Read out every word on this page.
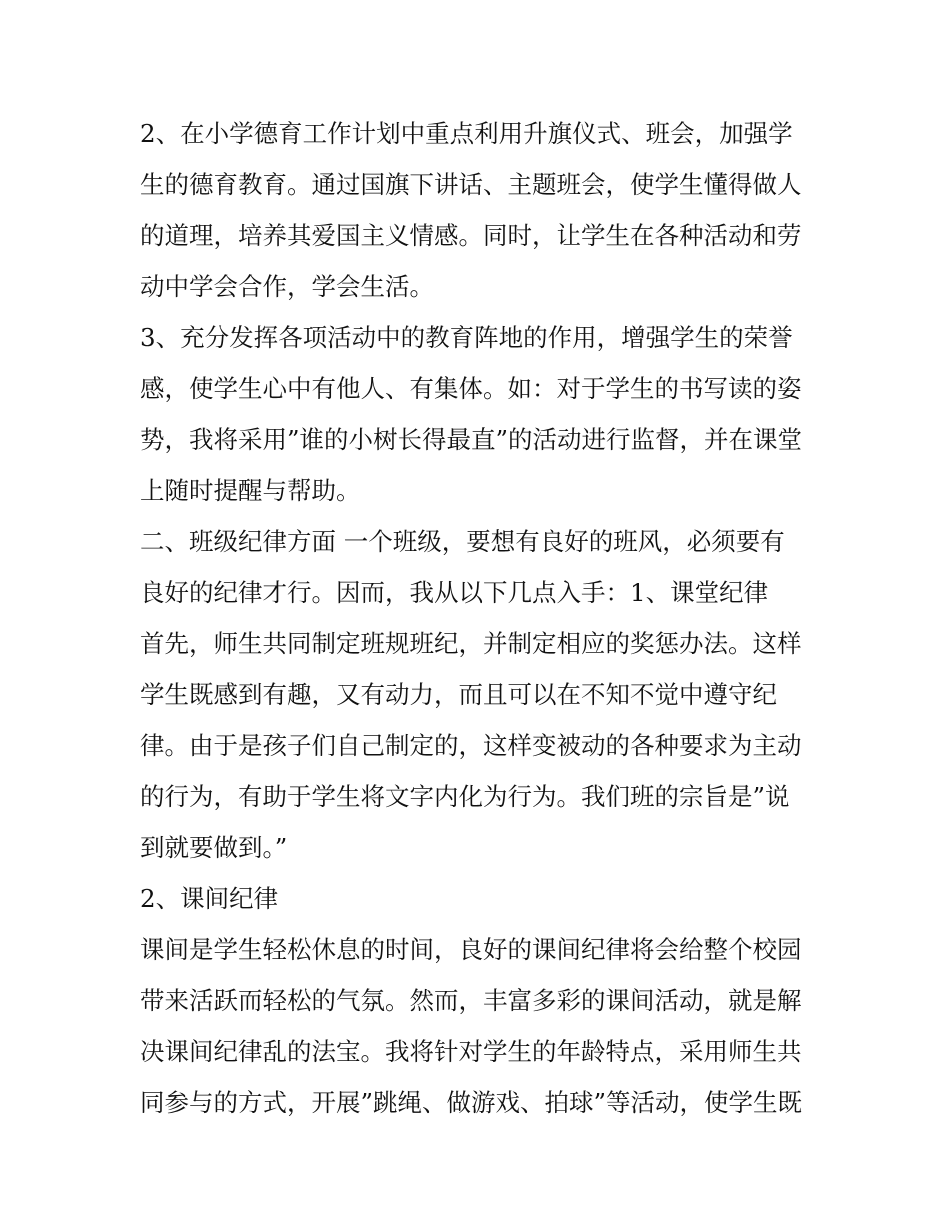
2、在小学德育工作计划中重点利用升旗仪式、班会，加强学
生的德育教育。通过国旗下讲话、主题班会，使学生懂得做人
的道理，培养其爱国主义情感。同时，让学生在各种活动和劳
动中学会合作，学会生活。
3、充分发挥各项活动中的教育阵地的作用，增强学生的荣誉
感，使学生心中有他人、有集体。如：对于学生的书写读的姿
势，我将采用”谁的小树长得最直”的活动进行监督，并在课堂
上随时提醒与帮助。
二、班级纪律方面 一个班级，要想有良好的班风，必须要有
良好的纪律才行。因而，我从以下几点入手：1、课堂纪律
首先，师生共同制定班规班纪，并制定相应的奖惩办法。这样
学生既感到有趣，又有动力，而且可以在不知不觉中遵守纪
律。由于是孩子们自己制定的，这样变被动的各种要求为主动
的行为，有助于学生将文字内化为行为。我们班的宗旨是”说
到就要做到。”
2、课间纪律
课间是学生轻松休息的时间，良好的课间纪律将会给整个校园
带来活跃而轻松的气氛。然而，丰富多彩的课间活动，就是解
决课间纪律乱的法宝。我将针对学生的年龄特点，采用师生共
同参与的方式，开展”跳绳、做游戏、拍球”等活动，使学生既
